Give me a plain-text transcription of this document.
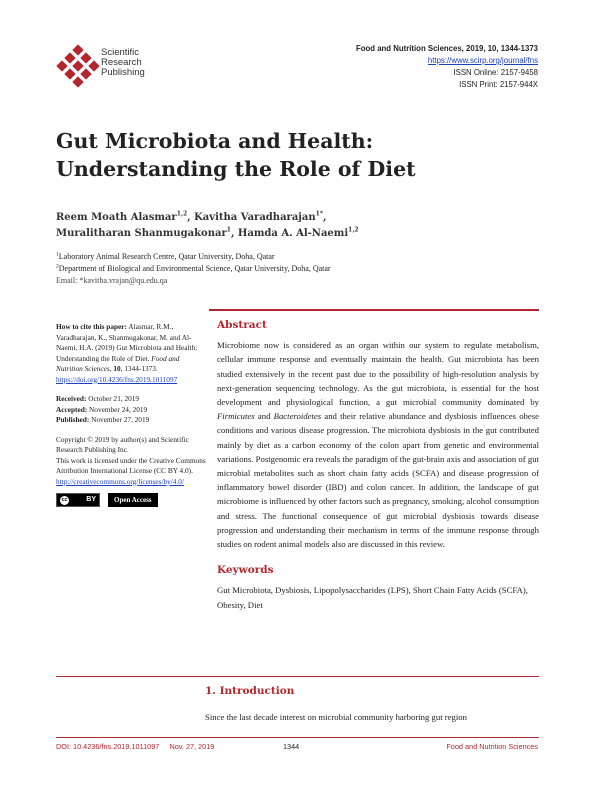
Scientific
Research
Publishing
Food and Nutrition Sciences, 2019, 10, 1344-1373
https://www.scirp.org/journal/fns
ISSN Online: 2157-9458
ISSN Print: 2157-944X
Gut Microbiota and Health:
Understanding the Role of Diet
Reem Moath Alasmar$^{1,2}$, Kavitha Varadharajan$^{1*}$,
Muralitharan Shanmugakonar$^1$, Hamda A. Al-Naemi$^{1,2}$
$^1$Laboratory Animal Research Centre, Qatar University, Doha, Qatar
$^2$Department of Biological and Environmental Science, Qatar University, Doha, Qatar
Email: *kavitha.vrajan@qu.edu.qa

How to cite this paper: Alasmar, R.M., Varadharajan, K., Shanmugakonar, M. and Al-Naemi, H.A. (2019) Gut Microbiota and Health: Understanding the Role of Diet. Food and Nutrition Sciences, 10, 1344-1373. https://doi.org/10.4236/fns.2019.1011097

Received: October 21, 2019

Accepted: November 24, 2019

Published: November 27, 2019

Copyright © 2019 by author(s) and Scientific Research Publishing Inc.

This work is licensed under the Creative Commons Attribution International License (CC BY 4.0).

http://creativecommons.org/licenses/by/4.0/

cc	BY	Open Access
Abstract

Microbiome now is considered as an organ within our system to regulate metabolism, cellular immune response and eventually maintain the health. Gut microbiota has been studied extensively in the recent past due to the possibility of high-resolution analysis by next-generation sequencing technology. As the gut microbiota, is essential for the host development and physiological function, a gut microbial community dominated by Firmicutes and Bacteroidetes and their relative abundance and dysbiosis influences obese conditions and various disease progression. The microbiota dysbiosis in the gut contributed mainly by diet as a carbon economy of the colon apart from genetic and environmental variations. Postgenomic era reveals the paradigm of the gut-brain axis and association of gut microbial metabolites such as short chain fatty acids (SCFA) and disease progression of inflammatory bowel disorder (IBD) and colon cancer. In addition, the landscape of gut microbiome is influenced by other factors such as pregnancy, smoking, alcohol consumption and stress. The functional consequence of gut microbial dysbiosis towards disease progression and understanding their mechanism in terms of the immune response through studies on rodent animal models also are discussed in this review.

Keywords

Gut Microbiota, Dysbiosis, Lipopolysaccharides (LPS), Short Chain Fatty Acids (SCFA), Obesity, Diet

1. Introduction
Since the last decade interest on microbial community harboring gut region
DOI: 10.4236/fns.2019.1011097     Nov. 27, 2019	1344	Food and Nutrition Sciences
